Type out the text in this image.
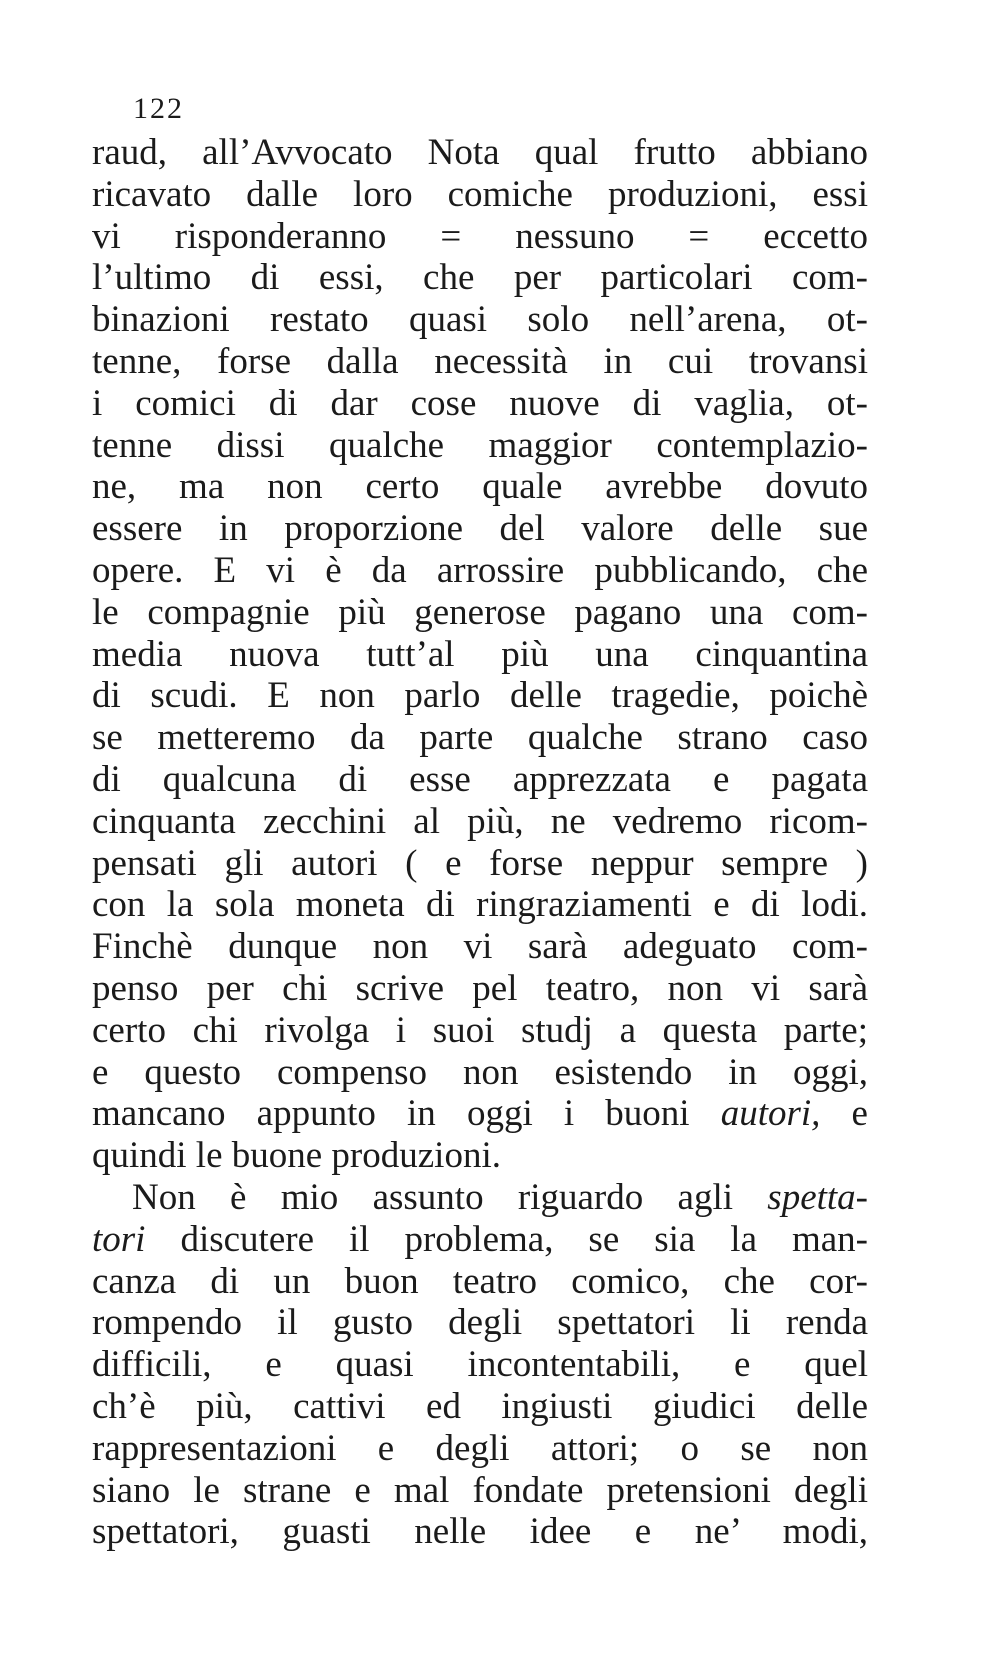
122
raud, all’Avvocato Nota qual frutto abbiano
ricavato dalle loro comiche produzioni, essi
vi risponderanno = nessuno = eccetto
l’ultimo di essi, che per particolari com-
binazioni restato quasi solo nell’arena, ot-
tenne, forse dalla necessità in cui trovansi
i comici di dar cose nuove di vaglia, ot-
tenne dissi qualche maggior contemplazio-
ne, ma non certo quale avrebbe dovuto
essere in proporzione del valore delle sue
opere. E vi è da arrossire pubblicando, che
le compagnie più generose pagano una com-
media nuova tutt’al più una cinquantina
di scudi. E non parlo delle tragedie, poichè
se metteremo da parte qualche strano caso
di qualcuna di esse apprezzata e pagata
cinquanta zecchini al più, ne vedremo ricom-
pensati gli autori ( e forse neppur sempre )
con la sola moneta di ringraziamenti e di lodi.
Finchè dunque non vi sarà adeguato com-
penso per chi scrive pel teatro, non vi sarà
certo chi rivolga i suoi studj a questa parte;
e questo compenso non esistendo in oggi,
mancano appunto in oggi i buoni autori, e
quindi le buone produzioni.
Non è mio assunto riguardo agli spetta-
tori discutere il problema, se sia la man-
canza di un buon teatro comico, che cor-
rompendo il gusto degli spettatori li renda
difficili, e quasi incontentabili, e quel
ch’è più, cattivi ed ingiusti giudici delle
rappresentazioni e degli attori; o se non
siano le strane e mal fondate pretensioni degli
spettatori, guasti nelle idee e ne’ modi,
